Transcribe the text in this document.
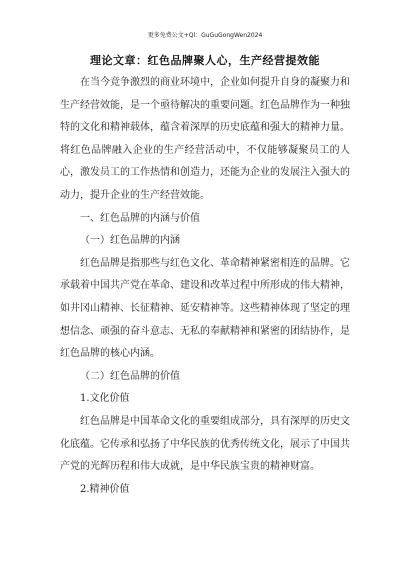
更多免费公文+Ql：GuGuGongWen2024
理论文章：红色品牌聚人心，生产经营提效能

在当今竞争激烈的商业环境中，企业如何提升自身的凝聚力和生产经营效能，是一个亟待解决的重要问题。红色品牌作为一种独特的文化和精神载体，蕴含着深厚的历史底蕴和强大的精神力量。将红色品牌融入企业的生产经营活动中，不仅能够凝聚员工的人心，激发员工的工作热情和创造力，还能为企业的发展注入强大的动力，提升企业的生产经营效能。

一、红色品牌的内涵与价值

（一）红色品牌的内涵

红色品牌是指那些与红色文化、革命精神紧密相连的品牌。它承载着中国共产党在革命、建设和改革过程中所形成的伟大精神，如井冈山精神、长征精神、延安精神等。这些精神体现了坚定的理想信念、顽强的奋斗意志、无私的奉献精神和紧密的团结协作，是红色品牌的核心内涵。

（二）红色品牌的价值

1.文化价值

红色品牌是中国革命文化的重要组成部分，具有深厚的历史文化底蕴。它传承和弘扬了中华民族的优秀传统文化，展示了中国共产党的光辉历程和伟大成就，是中华民族宝贵的精神财富。

2.精神价值
